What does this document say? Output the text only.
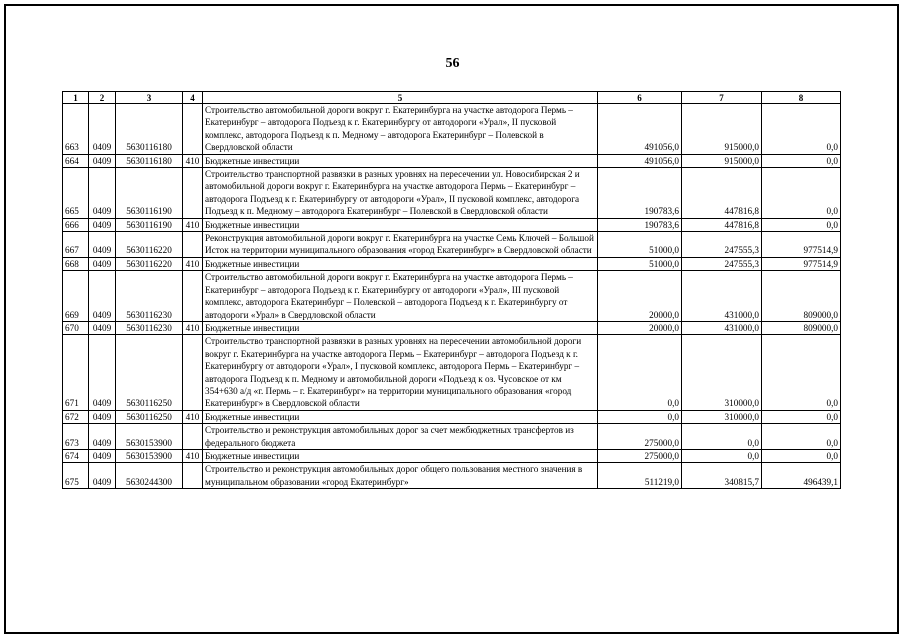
56
1	2	3	4	5	6	7	8
663	0409	5630116180		Строительство автомобильной дороги вокруг г. Екатеринбурга на участке автодорога Пермь – Екатеринбург – автодорога Подъезд к г. Екатеринбургу от автодороги «Урал», II пусковой комплекс, автодорога Подъезд к п. Медному – автодорога Екатеринбург – Полевской в Свердловской области	491056,0	915000,0	0,0
664	0409	5630116180	410	Бюджетные инвестиции	491056,0	915000,0	0,0
665	0409	5630116190		Строительство транспортной развязки в разных уровнях на пересечении ул. Новосибирская 2 и автомобильной дороги вокруг г. Екатеринбурга на участке автодорога Пермь – Екатеринбург – автодорога Подъезд к г. Екатеринбургу от автодороги «Урал», II пусковой комплекс, автодорога Подъезд к п. Медному – автодорога Екатеринбург – Полевской в Свердловской области	190783,6	447816,8	0,0
666	0409	5630116190	410	Бюджетные инвестиции	190783,6	447816,8	0,0
667	0409	5630116220		Реконструкция автомобильной дороги вокруг г. Екатеринбурга на участке Семь Ключей – Большой Исток на территории муниципального образования «город Екатеринбург» в Свердловской области	51000,0	247555,3	977514,9
668	0409	5630116220	410	Бюджетные инвестиции	51000,0	247555,3	977514,9
669	0409	5630116230		Строительство автомобильной дороги вокруг г. Екатеринбурга на участке автодорога Пермь – Екатеринбург – автодорога Подъезд к г. Екатеринбургу от автодороги «Урал», III пусковой комплекс, автодорога Екатеринбург – Полевской – автодорога Подъезд к г. Екатеринбургу от автодороги «Урал» в Свердловской области	20000,0	431000,0	809000,0
670	0409	5630116230	410	Бюджетные инвестиции	20000,0	431000,0	809000,0
671	0409	5630116250		Строительство транспортной развязки в разных уровнях на пересечении автомобильной дороги вокруг г. Екатеринбурга на участке автодорога Пермь – Екатеринбург – автодорога Подъезд к г. Екатеринбургу от автодороги «Урал», I пусковой комплекс, автодорога Пермь – Екатеринбург – автодорога Подъезд к п. Медному и автомобильной дороги «Подъезд к оз. Чусовское от км 354+630 а/д «г. Пермь – г. Екатеринбург» на территории муниципального образования «город Екатеринбург» в Свердловской области	0,0	310000,0	0,0
672	0409	5630116250	410	Бюджетные инвестиции	0,0	310000,0	0,0
673	0409	5630153900		Строительство и реконструкция автомобильных дорог за счет межбюджетных трансфертов из федерального бюджета	275000,0	0,0	0,0
674	0409	5630153900	410	Бюджетные инвестиции	275000,0	0,0	0,0
675	0409	5630244300		Строительство и реконструкция автомобильных дорог общего пользования местного значения в муниципальном образовании «город Екатеринбург»	511219,0	340815,7	496439,1
